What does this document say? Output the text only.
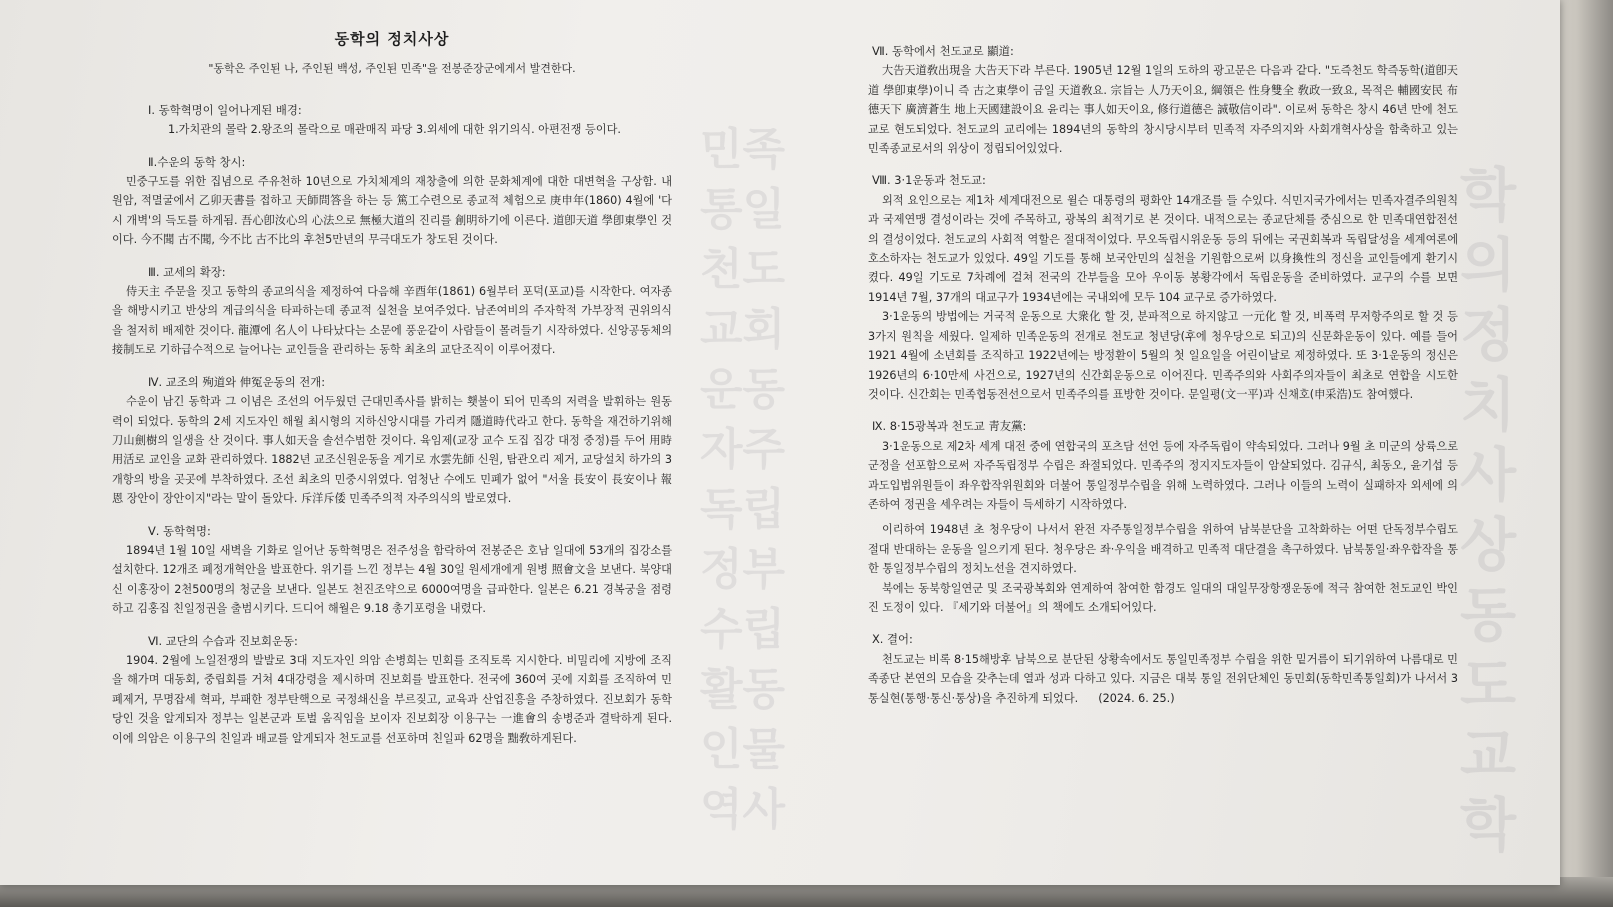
학
의
정
치
사
상
동
도
교
학
민족
통일
천도
교회
운동
자주
독립
정부
수립
활동
인물
역사
동학의 정치사상

"동학은 주인된 나, 주인된 백성, 주인된 민족"을 전봉준장군에게서 발견한다.

Ⅰ. 동학혁명이 일어나게된 배경:

1.가치관의 몰락 2.왕조의 몰락으로 매관매직 파당 3.외세에 대한 위기의식. 아편전쟁 등이다.

Ⅱ.수운의 동학 창시:

민중구도를 위한 집념으로 주유천하 10년으로 가치체계의 재창출에 의한 문화체계에 대한 대변혁을 구상함. 내원암, 적멸굴에서 乙卯天書를 접하고 天師問答을 하는 등 篤工수련으로 종교적 체험으로 庚申年(1860) 4월에 '다시 개벽'의 득도를 하게됨. 吾心卽汝心의 心法으로 無極大道의 진리를 創明하기에 이른다. 道卽天道 學卽東學인 것이다. 今不聞 古不聞, 今不比 古不比의 후천5만년의 무극대도가 창도된 것이다.

Ⅲ. 교세의 확장:

侍天主 주문을 짓고 동학의 종교의식을 제정하여 다음해 辛酉年(1861) 6월부터 포덕(포교)를 시작한다. 여자종을 해방시키고 반상의 계급의식을 타파하는데 종교적 실천을 보여주었다. 남존여비의 주자학적 가부장적 권위의식을 철저히 배제한 것이다. 龍潭에 名人이 나타났다는 소문에 풍운같이 사람들이 몰려들기 시작하였다. 신앙공동체의 接制도로 기하급수적으로 늘어나는 교인들을 관리하는 동학 최초의 교단조직이 이루어졌다.

Ⅳ. 교조의 殉道와 伸冤운동의 전개:

수운이 남긴 동학과 그 이념은 조선의 어두웠던 근대민족사를 밝히는 횃불이 되어 민족의 저력을 발휘하는 원동력이 되었다. 동학의 2세 지도자인 해월 최시형의 지하신앙시대를 가리켜 隱道時代라고 한다. 동학을 재건하기위해 刀山劍樹의 일생을 산 것이다. 事人如天을 솔선수범한 것이다. 육임제(교장 교수 도집 집강 대정 중정)를 두어 用時用活로 교인을 교화 관리하였다. 1882년 교조신원운동을 계기로 水雲先師 신원, 탐관오리 제거, 교당설치 하가의 3개항의 방을 곳곳에 부착하였다. 조선 최초의 민중시위였다. 엄청난 수에도 민폐가 없어 "서울 長安이 長安이나 報恩 장안이 장안이지"라는 말이 돌았다. 斥洋斥倭 민족주의적 자주의식의 발로였다.

Ⅴ. 동학혁명:

1894년 1월 10일 새벽을 기화로 일어난 동학혁명은 전주성을 함락하여 전봉준은 호남 일대에 53개의 집강소를 설치한다. 12개조 폐정개혁안을 발표한다. 위기를 느낀 정부는 4월 30일 원세개에게 원병 照會文을 보낸다. 북양대신 이홍장이 2천500명의 청군을 보낸다. 일본도 천진조약으로 6000여명을 급파한다. 일본은 6.21 경복궁을 점령하고 김홍집 친일정권을 출범시키다. 드디어 해월은 9.18 총기포령을 내렸다.

Ⅵ. 교단의 수습과 진보회운동:

1904. 2월에 노일전쟁의 발발로 3대 지도자인 의암 손병희는 민회를 조직토록 지시한다. 비밀리에 지방에 조직을 해가며 대동회, 중립회를 거쳐 4대강령을 제시하며 진보회를 발표한다. 전국에 360여 곳에 지회를 조직하여 민폐제거, 무명잡세 혁파, 부패한 정부탄핵으로 국정쇄신을 부르짖고, 교육과 산업진흥을 주창하였다. 진보회가 동학당인 것을 알게되자 정부는 일본군과 토벌 움직임을 보이자 진보회장 이용구는 一進會의 송병준과 결탁하게 된다. 이에 의암은 이용구의 친일과 배교를 알게되자 천도교를 선포하며 친일파 62명을 黜敎하게된다.

Ⅶ. 동학에서 천도교로 顯道:

大告天道敎出現을 大告天下라 부른다. 1905년 12월 1일의 도하의 광고문은 다음과 같다. "도즉천도 학즉동학(道卽天道 學卽東學)이니 즉 古之東學이 금일 天道敎요. 宗旨는 人乃天이요, 綱領은 性身雙全 敎政一致요, 목적은 輔國安民 布德天下 廣濟蒼生 地上天國建設이요 윤리는 事人如天이요, 修行道德은 誠敬信이라". 이로써 동학은 창시 46년 만에 천도교로 현도되었다. 천도교의 교리에는 1894년의 동학의 창시당시부터 민족적 자주의지와 사회개혁사상을 함축하고 있는 민족종교로서의 위상이 정립되어있었다.

Ⅷ. 3·1운동과 천도교:

외적 요인으로는 제1차 세계대전으로 윌슨 대통령의 평화안 14개조를 들 수있다. 식민지국가에서는 민족자결주의원칙과 국제연맹 결성이라는 것에 주목하고, 광복의 최적기로 본 것이다. 내적으로는 종교단체를 중심으로 한 민족대연합전선의 결성이었다. 천도교의 사회적 역할은 절대적이었다. 무오독립시위운동 등의 뒤에는 국권회복과 독립달성을 세계여론에 호소하자는 천도교가 있었다. 49일 기도를 통해 보국안민의 실천을 기원함으로써 以身換性의 정신을 교인들에게 환기시켰다. 49일 기도로 7차례에 걸쳐 전국의 간부들을 모아 우이동 봉황각에서 독립운동을 준비하였다. 교구의 수를 보면 1914년 7월, 37개의 대교구가 1934년에는 국내외에 모두 104 교구로 증가하였다.

3·1운동의 방법에는 거국적 운동으로 大衆化 할 것, 분파적으로 하지않고 一元化 할 것, 비폭력 무저항주의로 할 것 등 3가지 원칙을 세웠다. 일제하 민족운동의 전개로 천도교 청년당(후에 청우당으로 되고)의 신문화운동이 있다. 예를 들어 1921 4월에 소년회를 조직하고 1922년에는 방정환이 5월의 첫 일요일을 어린이날로 제정하였다. 또 3·1운동의 정신은 1926년의 6·10만세 사건으로, 1927년의 신간회운동으로 이어진다. 민족주의와 사회주의자들이 최초로 연합을 시도한 것이다. 신간회는 민족협동전선으로서 민족주의를 표방한 것이다. 문일평(文一平)과 신채호(申采浩)도 참여했다.

Ⅸ. 8·15광복과 천도교 靑友黨:

3·1운동으로 제2차 세계 대전 중에 연합국의 포츠담 선언 등에 자주독립이 약속되었다. 그러나 9월 초 미군의 상륙으로 군정을 선포함으로써 자주독립정부 수립은 좌절되었다. 민족주의 정지지도자들이 암살되었다. 김규식, 최동오, 윤기섭 등 과도입법위원들이 좌우합작위원회와 더불어 통일정부수립을 위해 노력하였다. 그러나 이들의 노력이 실패하자 외세에 의존하여 정권을 세우려는 자들이 득세하기 시작하였다.

이리하여 1948년 초 청우당이 나서서 완전 자주통일정부수립을 위하여 남북분단을 고착화하는 어떤 단독정부수립도 절대 반대하는 운동을 일으키게 된다. 청우당은 좌·우익을 배격하고 민족적 대단결을 촉구하였다. 남북통일·좌우합작을 통한 통일정부수립의 정치노선을 견지하였다.

북에는 동북항일연군 및 조국광복회와 연계하여 참여한 함경도 일대의 대일무장항쟁운동에 적극 참여한 천도교인 박인진 도정이 있다. 『세기와 더불어』의 책에도 소개되어있다.

Ⅹ. 결어:

천도교는 비록 8·15해방후 남북으로 분단된 상황속에서도 통일민족정부 수립을 위한 밑거름이 되기위하여 나름대로 민족종단 본연의 모습을 갖추는데 열과 성과 다하고 있다. 지금은 대북 통일 전위단체인 동민회(동학민족통일회)가 나서서 3통실현(통행·통신·통상)을 추진하게 되었다. (2024. 6. 25.)
